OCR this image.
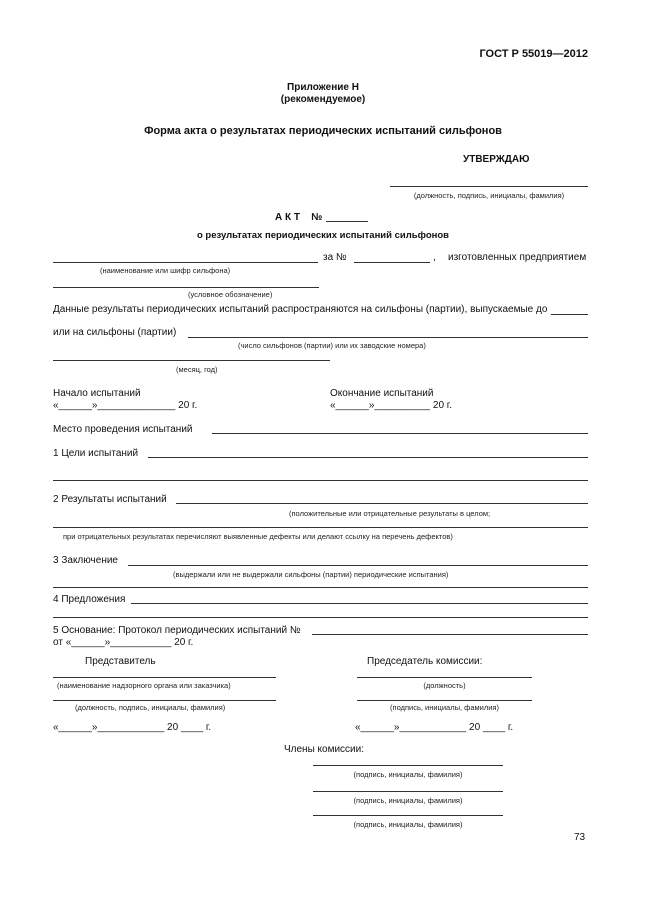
ГОСТ Р 55019—2012
Приложение Н
(рекомендуемое)
Форма акта о результатах периодических испытаний сильфонов
УТВЕРЖДАЮ
(должность, подпись, инициалы, фамилия)
А К Т    №
о результатах периодических испытаний сильфонов
за №	, изготовленных предприятием
(наименование или шифр сильфона)
(условное обозначение)
Данные результаты периодических испытаний распространяются на сильфоны (партии), выпускаемые до
или на сильфоны (партии)
(число сильфонов (партии) или их заводские номера)
(месяц, год)
Начало испытаний
«______»______________ 20 г.
Окончание испытаний
«______»__________ 20 г.
Место проведения испытаний
1 Цели испытаний
2 Результаты испытаний
(положительные или отрицательные результаты в целом;
при отрицательных результатах перечисляют выявленные дефекты или делают ссылку на перечень дефектов)
3 Заключение
(выдержали или не выдержали сильфоны (партии) периодические испытания)
4 Предложения
5 Основание: Протокол периодических испытаний №
от «______»___________ 20 г.
Представитель
(наименование надзорного органа или заказчика)
(должность, подпись, инициалы, фамилия)
«______»____________ 20 ____ г.
Председатель комиссии:
(должность)
(подпись, инициалы, фамилия)
«______»____________ 20 ____ г.
Члены комиссии:
(подпись, инициалы, фамилия)
(подпись, инициалы, фамилия)
(подпись, инициалы, фамилия)
73
